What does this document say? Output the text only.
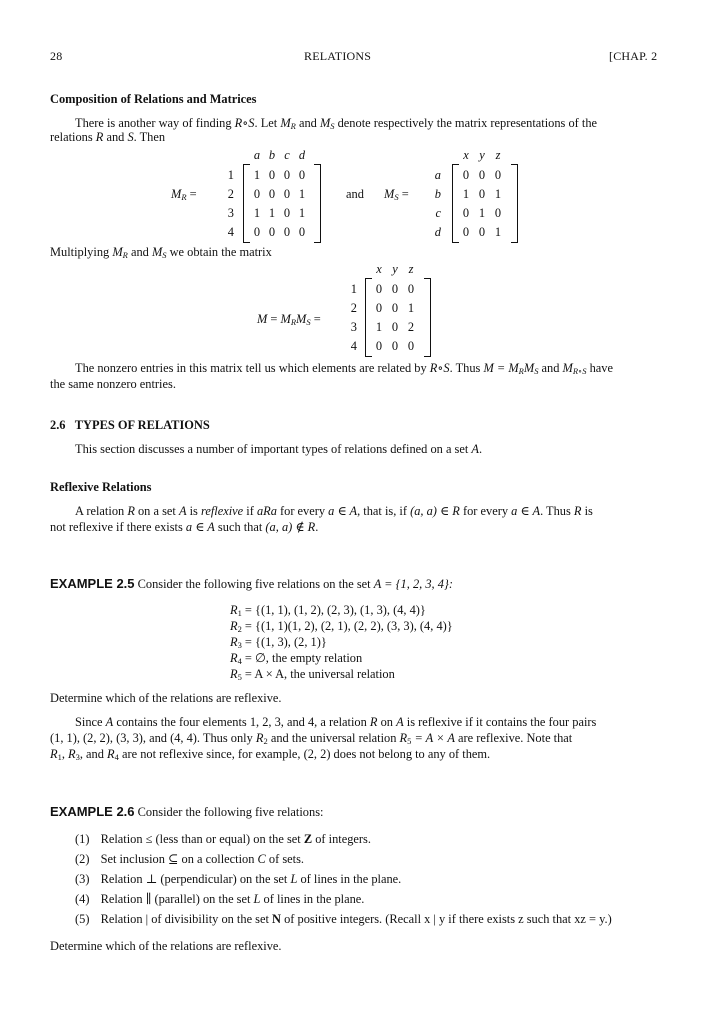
28	RELATIONS	[CHAP. 2
Composition of Relations and Matrices
There is another way of finding R∘S. Let $M_R$ and $M_S$ denote respectively the matrix representations of the
relations R and S. Then
$M_R$ =
a b c d
1
2
3
4
1 0 0 0
0 0 0 1
1 1 0 1
0 0 0 0
and $M_S$ =
x y z
a
b
c
d
0 0 0
1 0 1
0 1 0
0 0 1
Multiplying $M_R$ and $M_S$ we obtain the matrix
$M = M_RM_S$ =
x y z
1
2
3
4
0 0 0
0 0 1
1 0 2
0 0 0
The nonzero entries in this matrix tell us which elements are related by R∘S. Thus $M = M_RM_S$ and $M_{R\circ S}$ have
the same nonzero entries.
2.6 TYPES OF RELATIONS
This section discusses a number of important types of relations defined on a set A.
Reflexive Relations
A relation R on a set A is reflexive if aRa for every a ∈ A, that is, if (a, a) ∈ R for every a ∈ A. Thus R is
not reflexive if there exists a ∈ A such that (a, a) ∉ R.
EXAMPLE 2.5 Consider the following five relations on the set A = {1, 2, 3, 4}:
$R_1 = \{(1$, 1), (1, 2), (2, 3), (1, 3), (4, 4)}
$R_2 = \{(1$, 1)(1, 2), (2, 1), (2, 2), (3, 3), (4, 4)}
$R_3 = \{(1$, 3), (2, 1)}
$R_4$ = ∅, the empty relation
$R_5 = A \times A$, the universal relation
Determine which of the relations are reflexive.
Since A contains the four elements 1, 2, 3, and 4, a relation R on A is reflexive if it contains the four pairs
(1, 1), (2, 2), (3, 3), and (4, 4). Thus only $R_2$ and the universal relation $R_5 = A \times A$ are reflexive. Note that
$R_1$, $R_3$, and $R_4$ are not reflexive since, for example, (2, 2) does not belong to any of them.
EXAMPLE 2.6 Consider the following five relations:
(1) Relation ≤ (less than or equal) on the set Z of integers.
(2) Set inclusion ⊆ on a collection C of sets.
(3) Relation ⊥ (perpendicular) on the set L of lines in the plane.
(4) Relation ∥ (parallel) on the set L of lines in the plane.
(5) Relation | of divisibility on the set N of positive integers. (Recall x | y if there exists z such that xz = y.)
Determine which of the relations are reflexive.
